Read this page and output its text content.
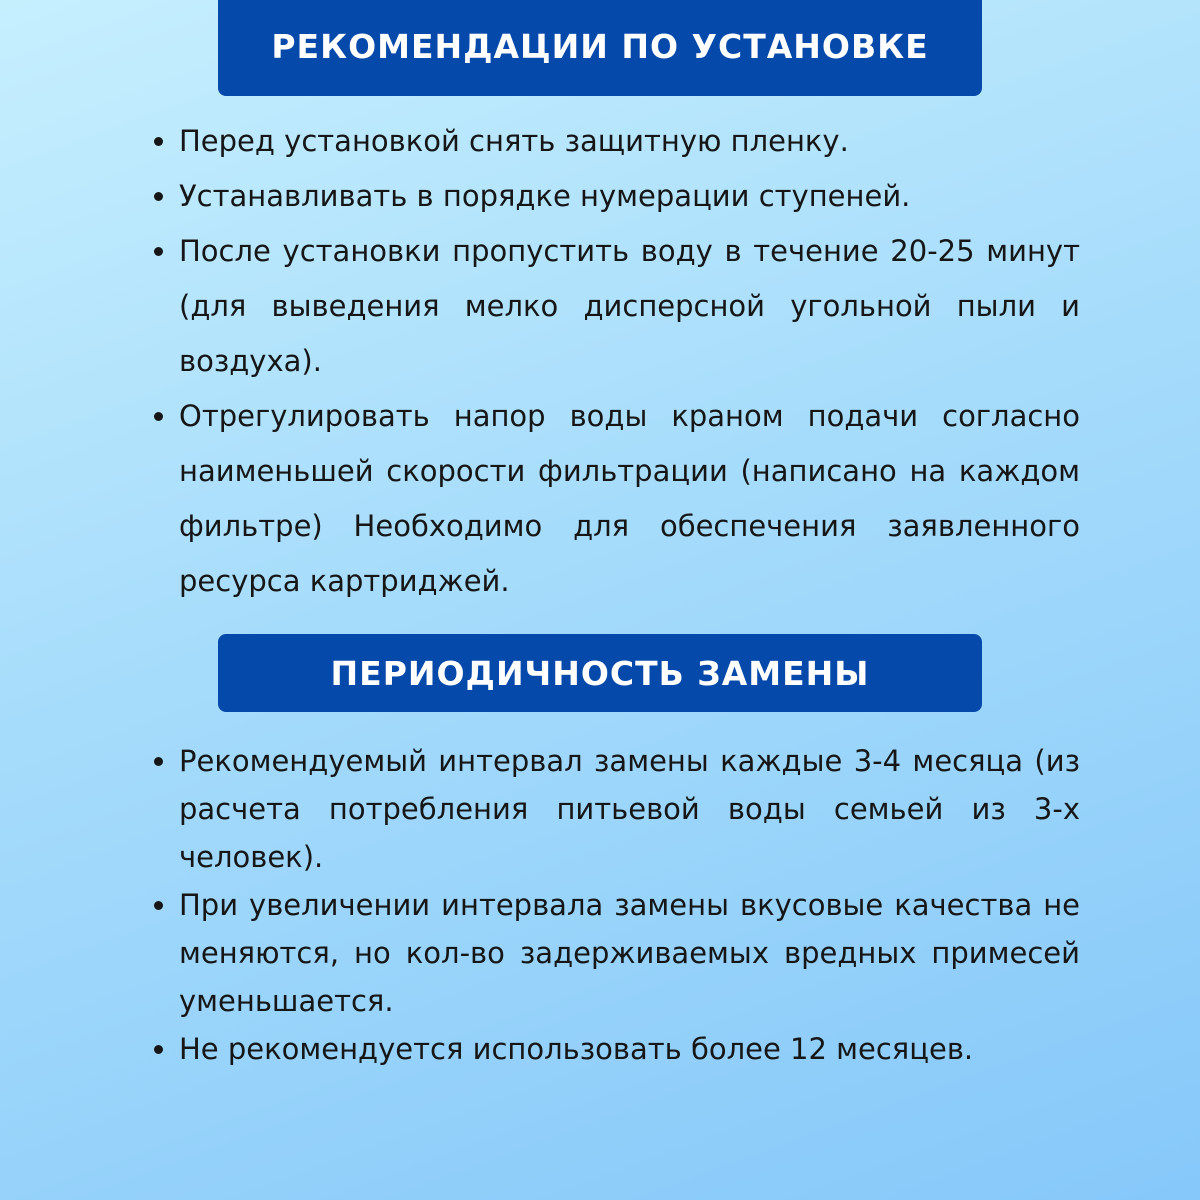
РЕКОМЕНДАЦИИ ПО УСТАНОВКЕ
Перед установкой снять защитную пленку.
Устанавливать в порядке нумерации ступеней.
После установки пропустить воду в течение 20-25 минут (для выведения мелко дисперсной угольной пыли и воздуха).
Отрегулировать напор воды краном подачи согласно наименьшей скорости фильтрации (написано на каждом фильтре) Необходимо для обеспечения заявленного ресурса картриджей.
ПЕРИОДИЧНОСТЬ ЗАМЕНЫ
Рекомендуемый интервал замены каждые 3-4 месяца (из расчета потребления питьевой воды семьей из 3-х человек).
При увеличении интервала замены вкусовые качества не меняются, но кол-во задерживаемых вредных примесей уменьшается.
Не рекомендуется использовать более 12 месяцев.
